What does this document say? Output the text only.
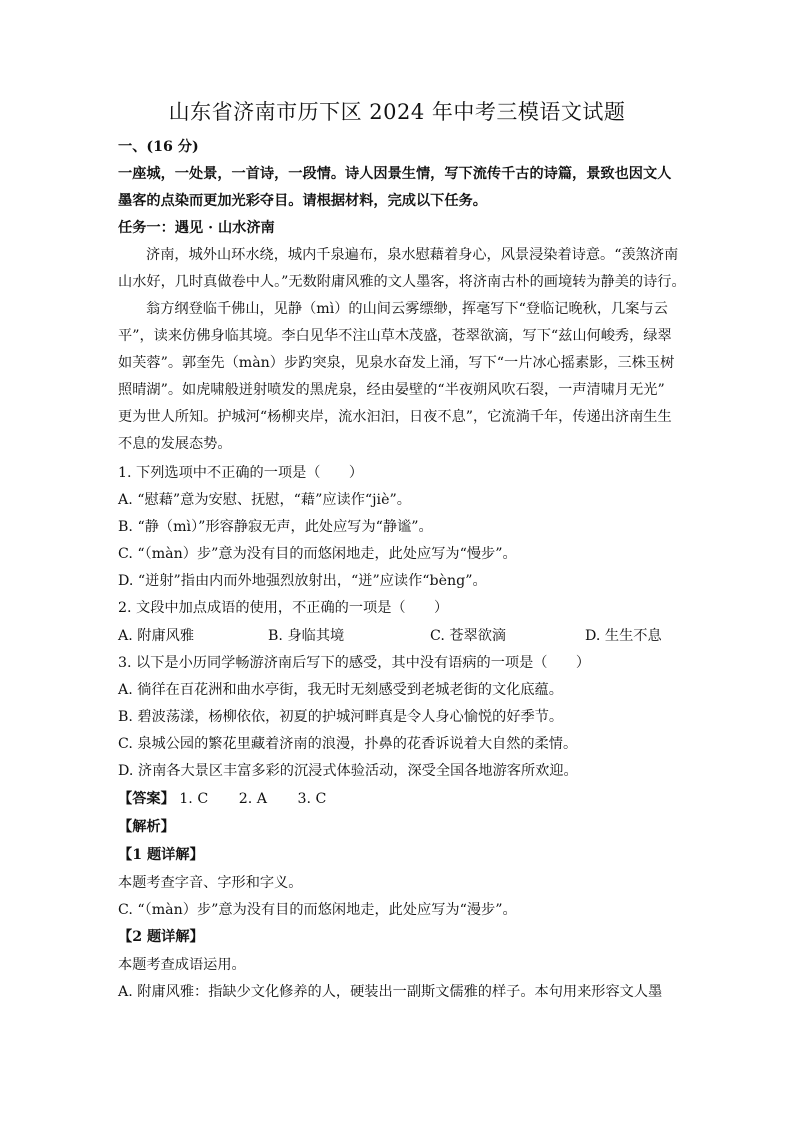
山东省济南市历下区 2024 年中考三模语文试题
一、(16 分)
一座城，一处景，一首诗，一段情。诗人因景生情，写下流传千古的诗篇，景致也因文人
墨客的点染而更加光彩夺目。请根据材料，完成以下任务。
任务一：遇见 · 山水济南
济南，城外山环水绕，城内千泉遍布，泉水慰藉着身心，风景浸染着诗意。“羡煞济南
山水好，几时真做卷中人。”无数附庸风雅的文人墨客，将济南古朴的画境转为静美的诗行。
翁方纲登临千佛山，见静（mì）的山间云雾缥缈，挥毫写下“登临记晚秋，几案与云
平”，读来仿佛身临其境。李白见华不注山草木茂盛，苍翠欲滴，写下“兹山何峻秀，绿翠
如芙蓉”。郭奎先（màn）步趵突泉，见泉水奋发上涌，写下“一片冰心摇素影，三株玉树
照晴湖”。如虎啸般迸射喷发的黑虎泉，经由晏壁的“半夜朔风吹石裂，一声清啸月无光”
更为世人所知。护城河“杨柳夹岸，流水汩汩，日夜不息”，它流淌千年，传递出济南生生
不息的发展态势。
1. 下列选项中不正确的一项是（　　）
A. “慰藉”意为安慰、抚慰，“藉”应读作“jiè”。
B. “静（mì）”形容静寂无声，此处应写为“静谧”。
C. “（màn）步”意为没有目的而悠闲地走，此处应写为“慢步”。
D. “迸射”指由内而外地强烈放射出，“迸”应读作“bèng”。
2. 文段中加点成语的使用，不正确的一项是（　　）
A. 附庸风雅	B. 身临其境	C. 苍翠欲滴	D. 生生不息
3. 以下是小历同学畅游济南后写下的感受，其中没有语病的一项是（　　）
A. 徜徉在百花洲和曲水亭街，我无时无刻感受到老城老街的文化底蕴。
B. 碧波荡漾，杨柳依依，初夏的护城河畔真是令人身心愉悦的好季节。
C. 泉城公园的繁花里藏着济南的浪漫，扑鼻的花香诉说着大自然的柔情。
D. 济南各大景区丰富多彩的沉浸式体验活动，深受全国各地游客所欢迎。
【答案】 1. C 2. A 3. C
【解析】
【1 题详解】
本题考查字音、字形和字义。
C. “（màn）步”意为没有目的而悠闲地走，此处应写为“漫步”。
【2 题详解】
本题考查成语运用。
A. 附庸风雅：指缺少文化修养的人，硬装出一副斯文儒雅的样子。本句用来形容文人墨
